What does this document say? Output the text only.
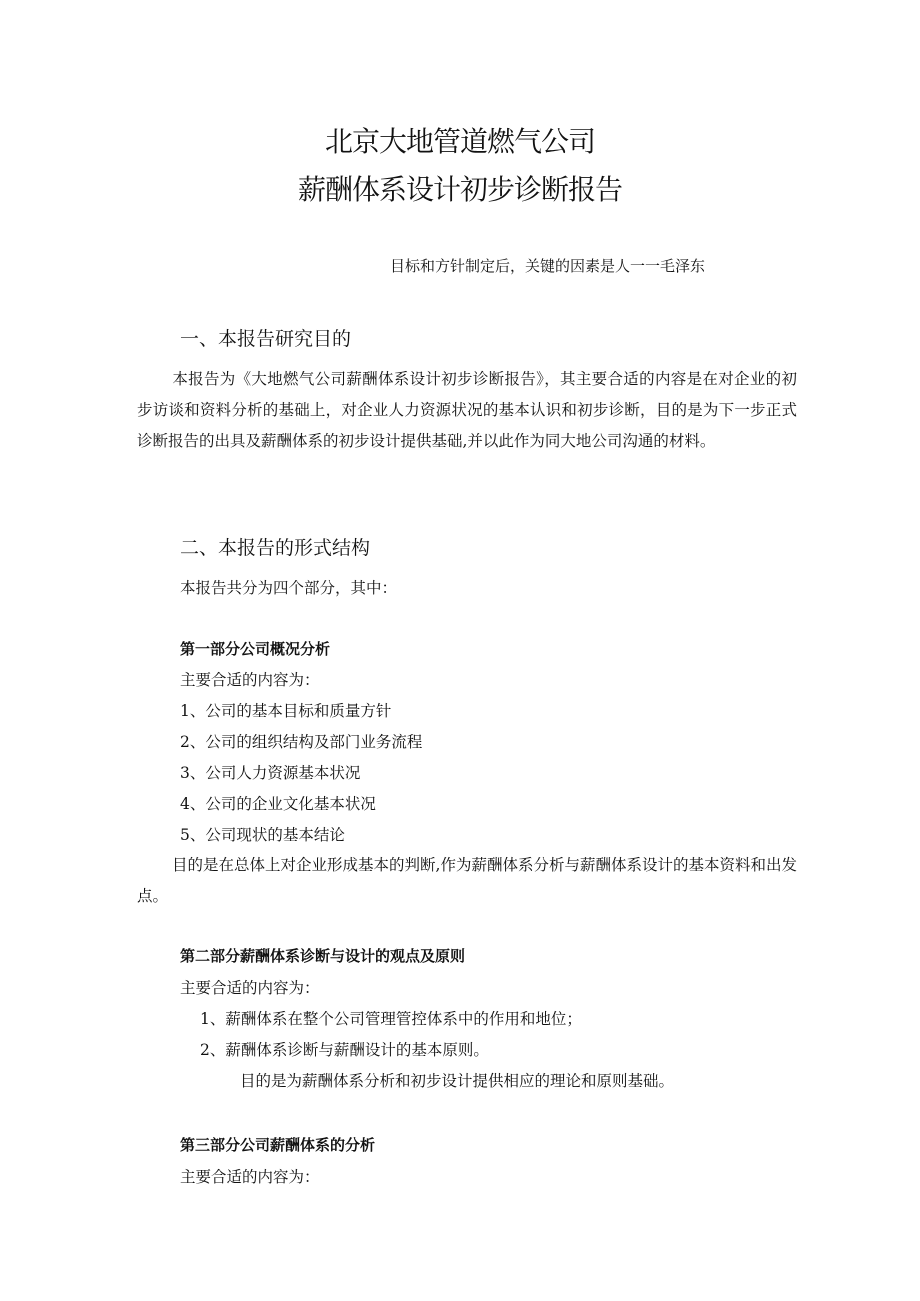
北京大地管道燃气公司
薪酬体系设计初步诊断报告
目标和方针制定后，关键的因素是人一一毛泽东
一、本报告研究目的

本报告为《大地燃气公司薪酬体系设计初步诊断报告》，其主要合适的内容是在对企业的初步访谈和资料分析的基础上，对企业人力资源状况的基本认识和初步诊断，目的是为下一步正式诊断报告的出具及薪酬体系的初步设计提供基础,并以此作为同大地公司沟通的材料。

二、本报告的形式结构

本报告共分为四个部分，其中：

第一部分公司概况分析

主要合适的内容为：

1、公司的基本目标和质量方针

2、公司的组织结构及部门业务流程

3、公司人力资源基本状况

4、公司的企业文化基本状况

5、公司现状的基本结论

目的是在总体上对企业形成基本的判断,作为薪酬体系分析与薪酬体系设计的基本资料和出发点。

第二部分薪酬体系诊断与设计的观点及原则

主要合适的内容为：

1、薪酬体系在整个公司管理管控体系中的作用和地位；

2、薪酬体系诊断与薪酬设计的基本原则。

目的是为薪酬体系分析和初步设计提供相应的理论和原则基础。

第三部分公司薪酬体系的分析

主要合适的内容为：
